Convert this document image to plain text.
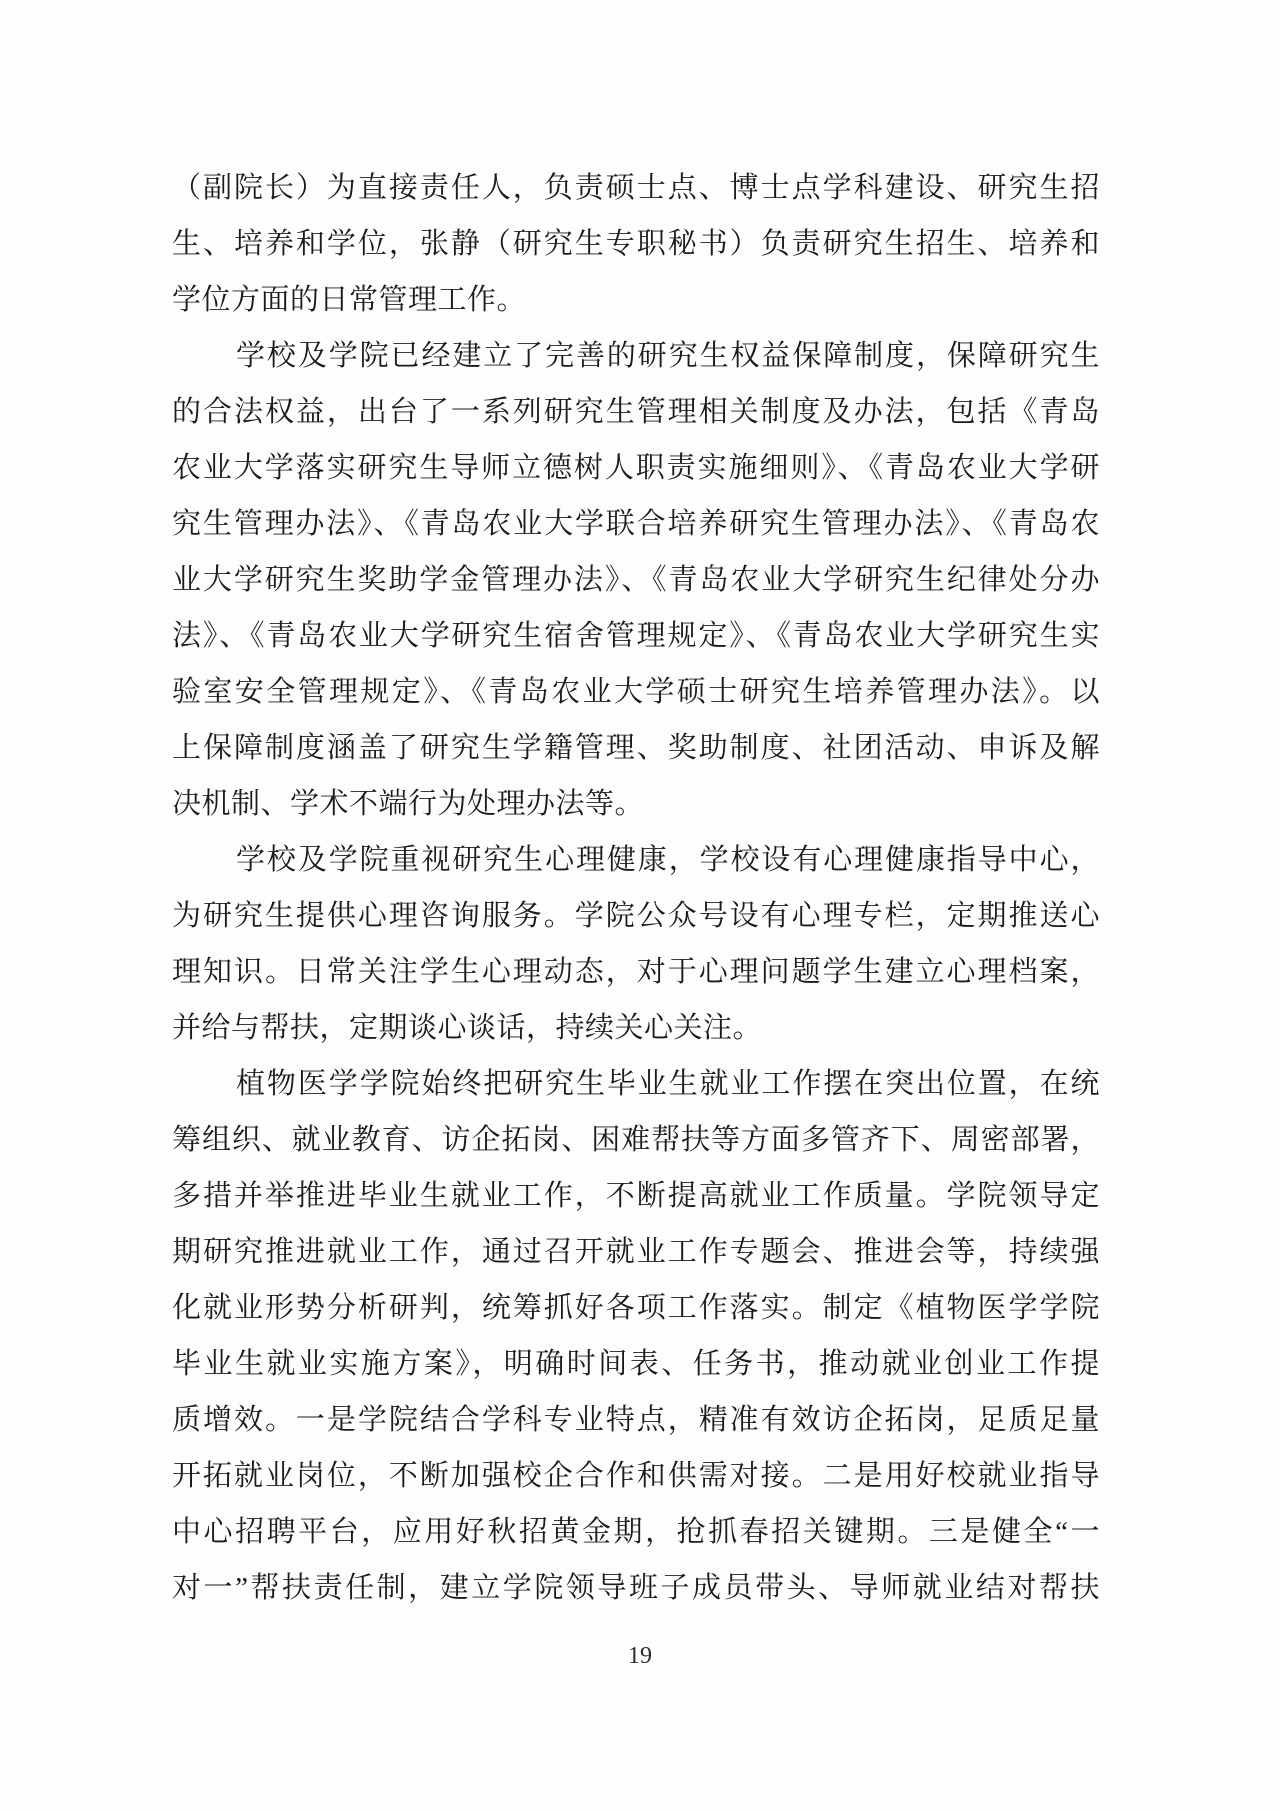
（副院长）为直接责任人，负责硕士点、博士点学科建设、研究生招
生、培养和学位，张静（研究生专职秘书）负责研究生招生、培养和
学位方面的日常管理工作。
学校及学院已经建立了完善的研究生权益保障制度，保障研究生
的合法权益，出台了一系列研究生管理相关制度及办法，包括《青岛
农业大学落实研究生导师立德树人职责实施细则》、《青岛农业大学研
究生管理办法》、《青岛农业大学联合培养研究生管理办法》、《青岛农
业大学研究生奖助学金管理办法》、《青岛农业大学研究生纪律处分办
法》、《青岛农业大学研究生宿舍管理规定》、《青岛农业大学研究生实
验室安全管理规定》、《青岛农业大学硕士研究生培养管理办法》。以
上保障制度涵盖了研究生学籍管理、奖助制度、社团活动、申诉及解
决机制、学术不端行为处理办法等。
学校及学院重视研究生心理健康，学校设有心理健康指导中心，
为研究生提供心理咨询服务。学院公众号设有心理专栏，定期推送心
理知识。日常关注学生心理动态，对于心理问题学生建立心理档案，
并给与帮扶，定期谈心谈话，持续关心关注。
植物医学学院始终把研究生毕业生就业工作摆在突出位置，在统
筹组织、就业教育、访企拓岗、困难帮扶等方面多管齐下、周密部署，
多措并举推进毕业生就业工作，不断提高就业工作质量。学院领导定
期研究推进就业工作，通过召开就业工作专题会、推进会等，持续强
化就业形势分析研判，统筹抓好各项工作落实。制定《植物医学学院
毕业生就业实施方案》，明确时间表、任务书，推动就业创业工作提
质增效。一是学院结合学科专业特点，精准有效访企拓岗，足质足量
开拓就业岗位，不断加强校企合作和供需对接。二是用好校就业指导
中心招聘平台，应用好秋招黄金期，抢抓春招关键期。三是健全“一
对一”帮扶责任制，建立学院领导班子成员带头、导师就业结对帮扶
19
